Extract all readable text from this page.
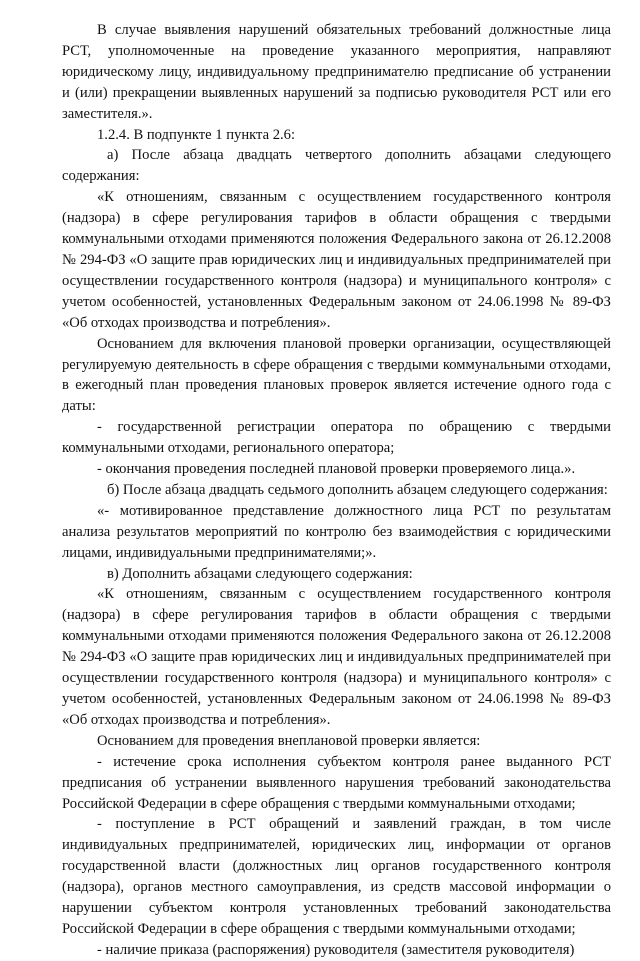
В случае выявления нарушений обязательных требований должностные лица РСТ, уполномоченные на проведение указанного мероприятия, направляют юридическому лицу, индивидуальному предпринимателю предписание об устранении и (или) прекращении выявленных нарушений за подписью руководителя РСТ или его заместителя.».

1.2.4. В подпункте 1 пункта 2.6:

а) После абзаца двадцать четвертого дополнить абзацами следующего содержания:

«К отношениям, связанным с осуществлением государственного контроля (надзора) в сфере регулирования тарифов в области обращения с твердыми коммунальными отходами применяются положения Федерального закона от 26.12.2008 № 294-ФЗ «О защите прав юридических лиц и индивидуальных предпринимателей при осуществлении государственного контроля (надзора) и муниципального контроля» с учетом особенностей, установленных Федеральным законом от 24.06.1998 № 89-ФЗ «Об отходах производства и потребления».

Основанием для включения плановой проверки организации, осуществляющей регулируемую деятельность в сфере обращения с твердыми коммунальными отходами, в ежегодный план проведения плановых проверок является истечение одного года с даты:

- государственной регистрации оператора по обращению с твердыми коммунальными отходами, регионального оператора;

- окончания проведения последней плановой проверки проверяемого лица.».

б) После абзаца двадцать седьмого дополнить абзацем следующего содержания:

«- мотивированное представление должностного лица РСТ по результатам анализа результатов мероприятий по контролю без взаимодействия с юридическими лицами, индивидуальными предпринимателями;».

в) Дополнить абзацами следующего содержания:

«К отношениям, связанным с осуществлением государственного контроля (надзора) в сфере регулирования тарифов в области обращения с твердыми коммунальными отходами применяются положения Федерального закона от 26.12.2008 № 294-ФЗ «О защите прав юридических лиц и индивидуальных предпринимателей при осуществлении государственного контроля (надзора) и муниципального контроля» с учетом особенностей, установленных Федеральным законом от 24.06.1998 № 89-ФЗ «Об отходах производства и потребления».

Основанием для проведения внеплановой проверки является:

- истечение срока исполнения субъектом контроля ранее выданного РСТ предписания об устранении выявленного нарушения требований законодательства Российской Федерации в сфере обращения с твердыми коммунальными отходами;

- поступление в РСТ обращений и заявлений граждан, в том числе индивидуальных предпринимателей, юридических лиц, информации от органов государственной власти (должностных лиц органов государственного контроля (надзора), органов местного самоуправления, из средств массовой информации о нарушении субъектом контроля установленных требований законодательства Российской Федерации в сфере обращения с твердыми коммунальными отходами;

- наличие приказа (распоряжения) руководителя (заместителя руководителя)
